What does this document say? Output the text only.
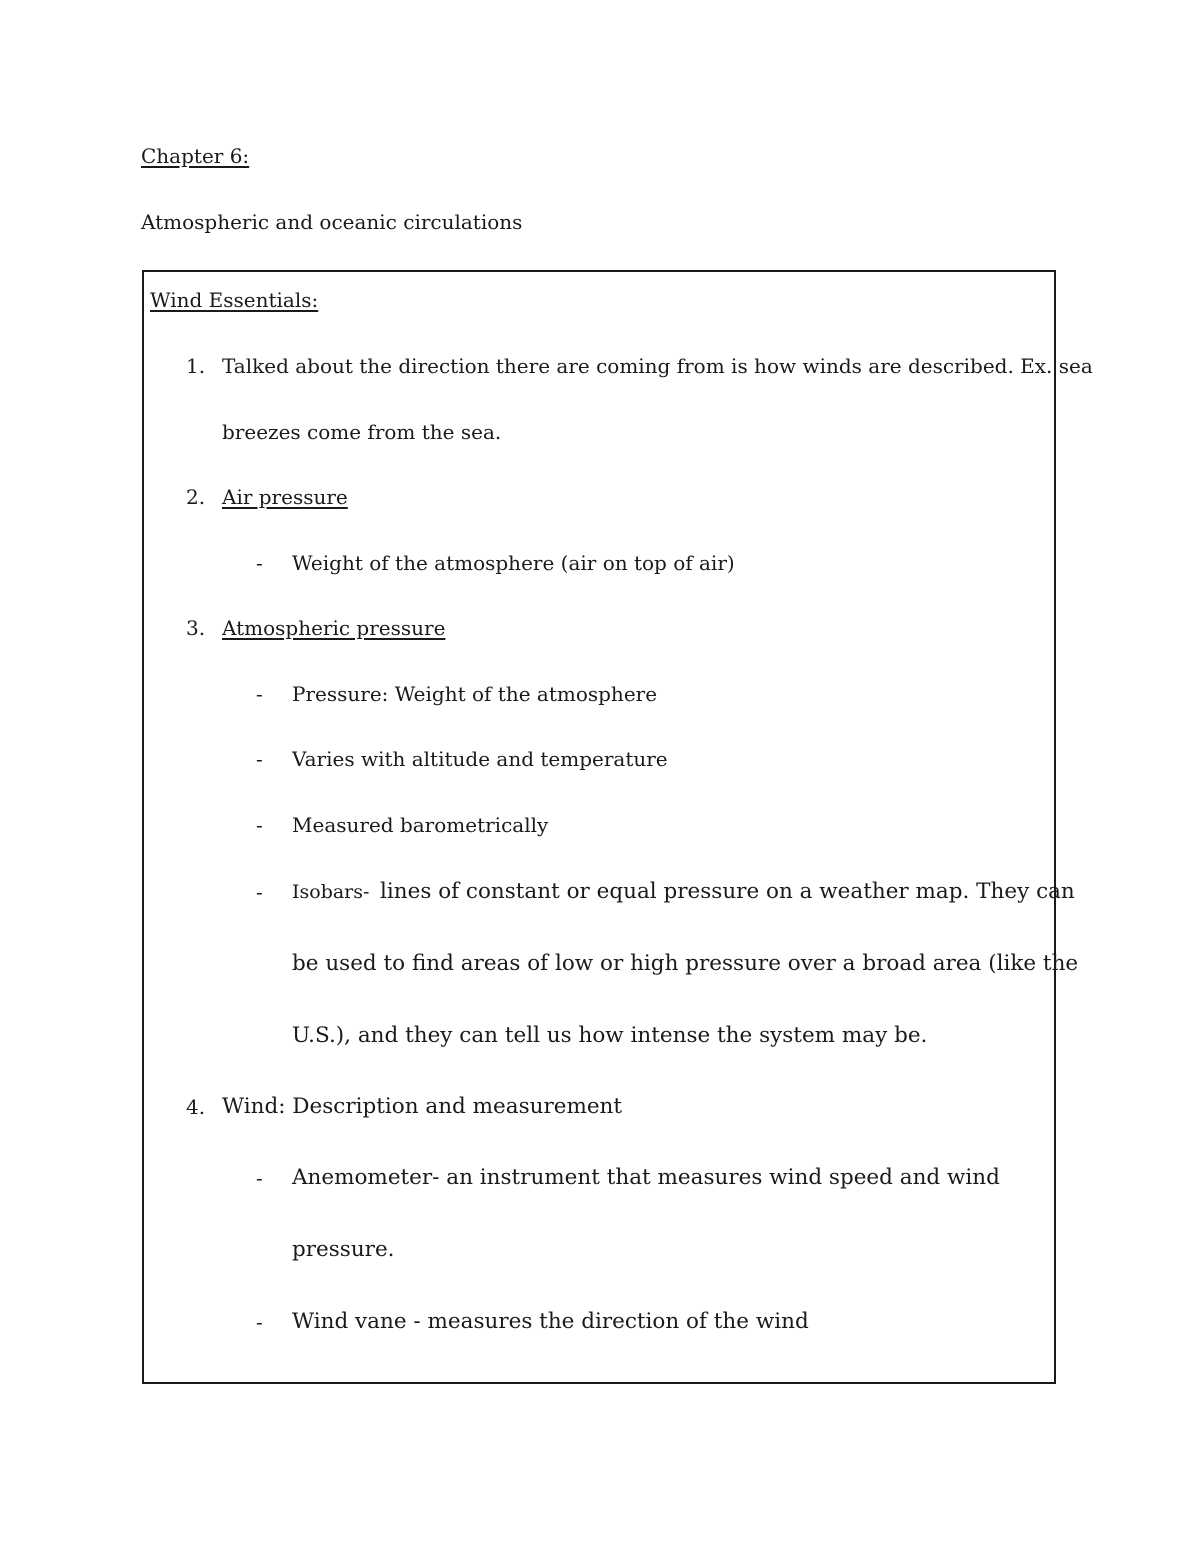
Chapter 6:
Atmospheric and oceanic circulations
Wind Essentials:
1. Talked about the direction there are coming from is how winds are described. Ex. sea
breezes come from the sea.
2. Air pressure
- Weight of the atmosphere (air on top of air)
3. Atmospheric pressure
- Pressure: Weight of the atmosphere
- Varies with altitude and temperature
- Measured barometrically
- Isobars- lines of constant or equal pressure on a weather map. They can
be used to find areas of low or high pressure over a broad area (like the
U.S.), and they can tell us how intense the system may be.
4. Wind: Description and measurement
- Anemometer- an instrument that measures wind speed and wind
pressure.
- Wind vane - measures the direction of the wind
